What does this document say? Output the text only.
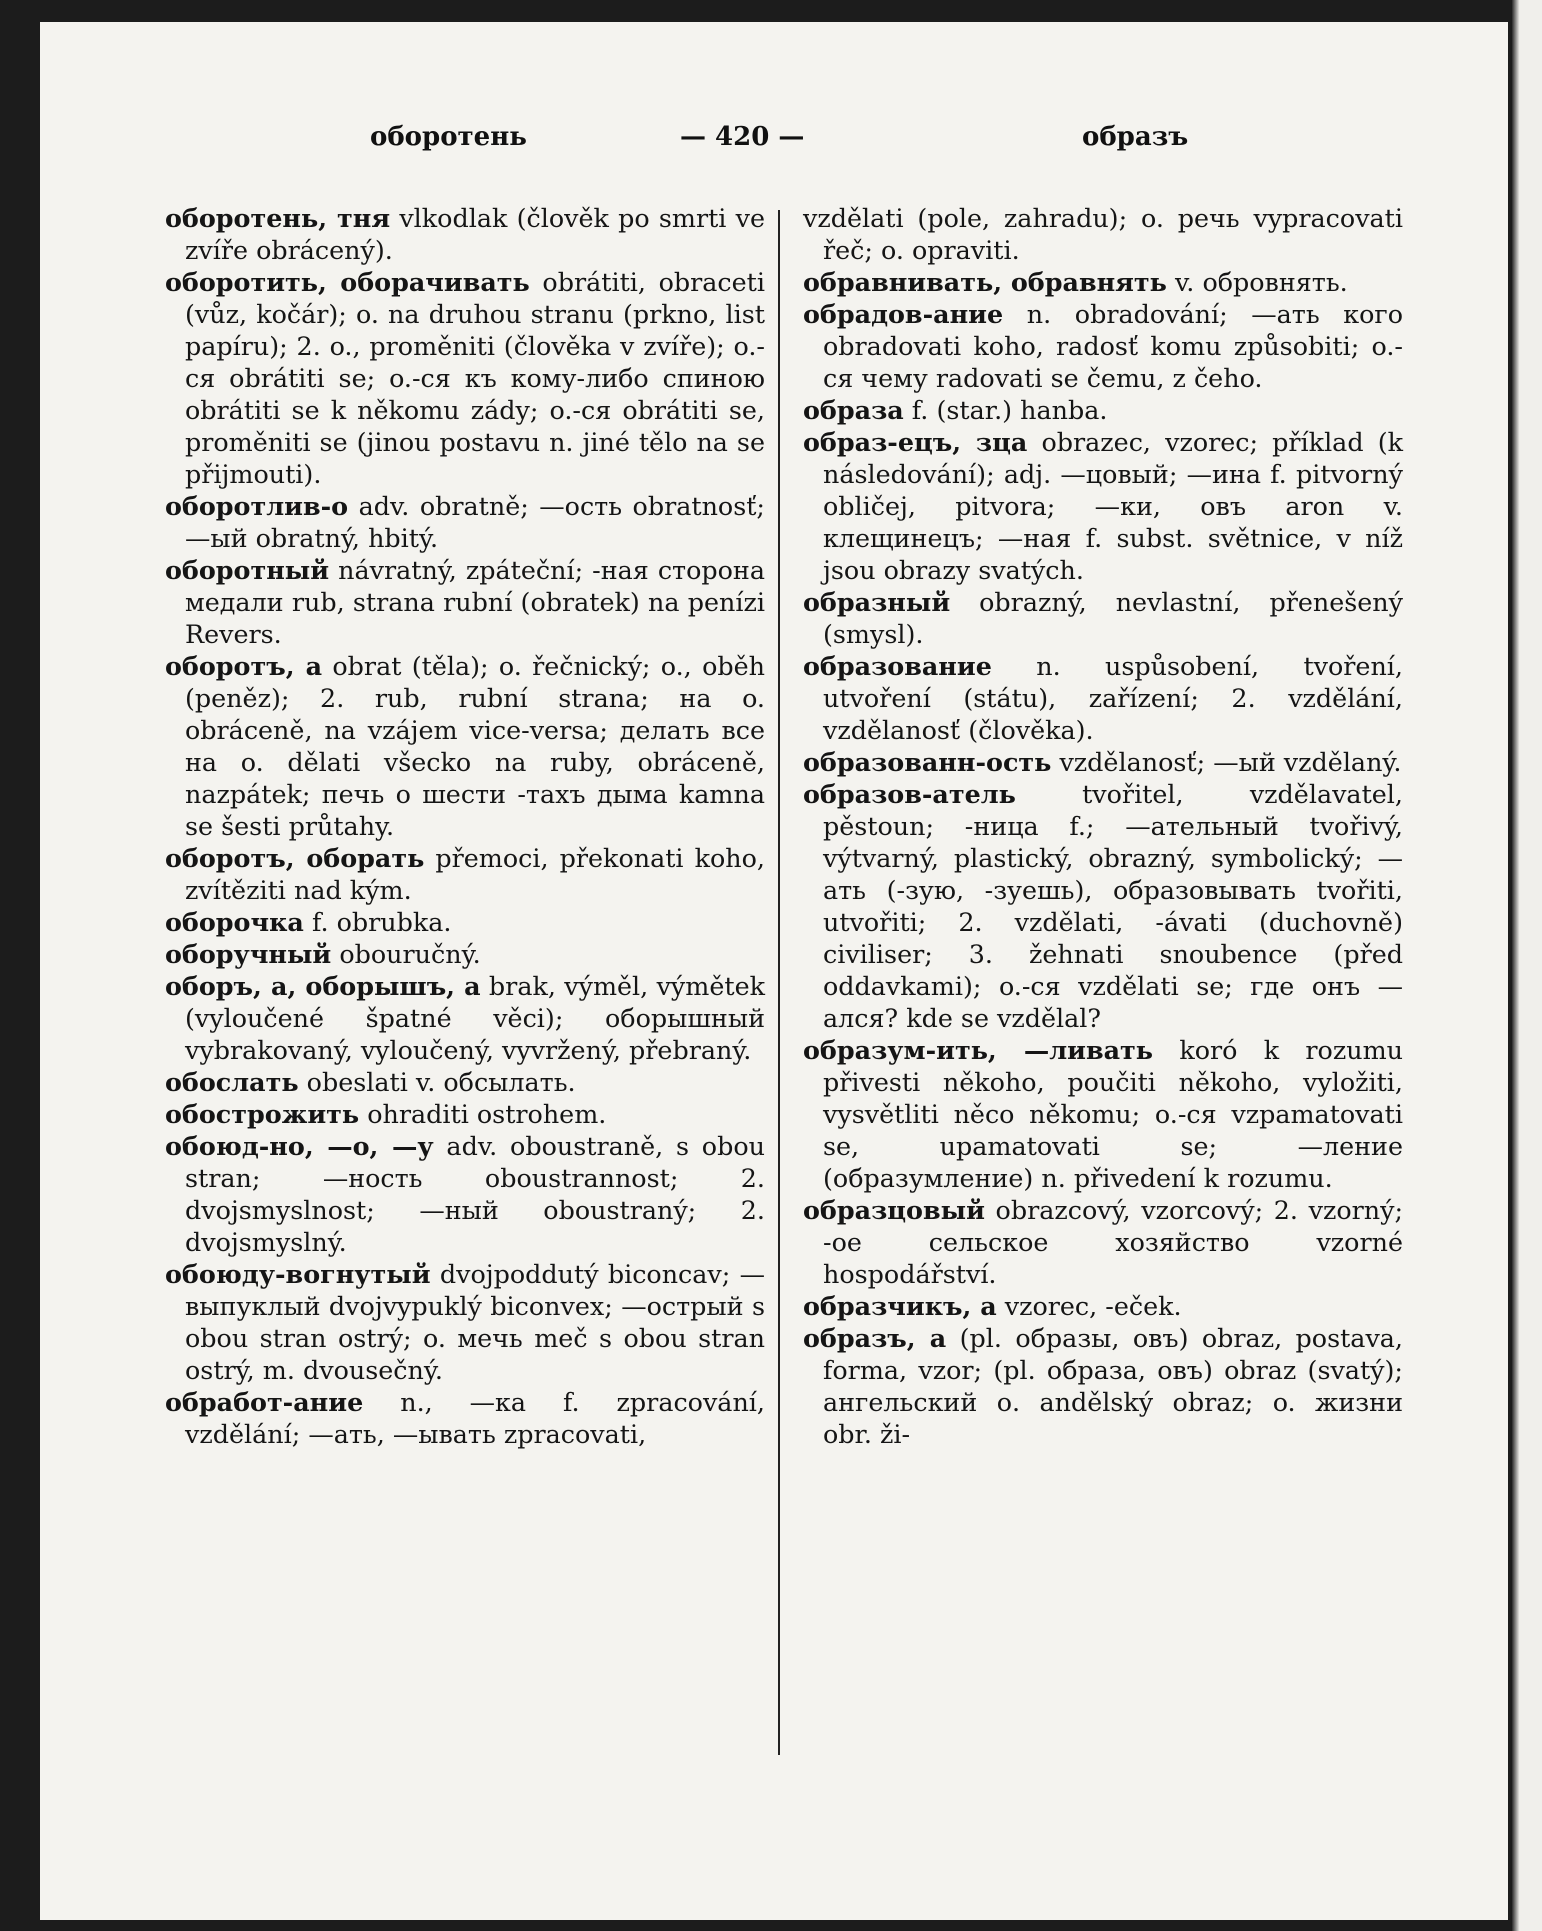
обоpотень	— 420 —	обpазъ

оборотень, тня vlkodlak (člověk po smrti ve zvíře obrácený).

оборотить, оборачивать obrátiti, obraceti (vůz, kočár); o. na druhou stranu (prkno, list papíru); 2. o., proměniti (člověka v zvíře); o.-ся obrátiti se; o.-ся къ кому-либо спиною obrátiti se k někomu zády; o.-ся obrátiti se, proměniti se (jinou postavu n. jiné tělo na se přijmouti).

оборотлив-о adv. obratně; —ость obratnosť; —ый obratný, hbitý.

оборотный návratný, zpáteční; -ная сторона медали rub, strana rubní (obratek) na penízi Revers.

оборотъ, а obrat (těla); o. řečnický; o., oběh (peněz); 2. rub, rubní strana; на o. obráceně, na vzájem vice-versa; делать все на o. dělati všecko na ruby, obráceně, nazpátek; печь о шести -тахъ дыма kamna se šesti průtahy.

оборотъ, оборать přemoci, překonati koho, zvítěziti nad kým.

оборочка f. obrubka.

оборучный obouručný.

оборъ, а, оборышъ, а brak, výměl, výmětek (vyloučené špatné věci); оборышный vybrakovaný, vyloučený, vyvržený, přebraný.

обослать obeslati v. обсылать.

обострожить ohraditi ostrohem.

обоюд-но, —о, —у adv. oboustraně, s obou stran; —ность oboustrannost; 2. dvojsmyslnost; —ный oboustraný; 2. dvojsmyslný.

обоюду-вогнутый dvojpoddutý biconcav; —выпуклый dvojvypuklý biconvex; —острый s obou stran ostrý; o. мечь meč s obou stran ostrý, m. dvousečný.

обработ-ание n., —ка f. zpracování, vzdělání; —ать, —ывать zpracovati,

vzdělati (pole, zahradu); o. речь vypracovati řeč; o. opraviti.

обравнивать, обравнять v. обровнять.

обрадов-ание n. obradování; —ать кого obradovati koho, radosť komu způsobiti; o.-ся чему radovati se čemu, z čeho.

образа f. (star.) hanba.

образ-ецъ, зца obrazec, vzorec; příklad (k následování); adj. —цовый; —ина f. pitvorný obličej, pitvora; —ки, овъ aron v. клещинецъ; —ная f. subst. světnice, v níž jsou obrazy svatých.

образный obrazný, nevlastní, přenešený (smysl).

образование n. uspůsobení, tvoření, utvoření (státu), zařízení; 2. vzdělání, vzdělanosť (člověka).

образованн-ость vzdělanosť; —ый vzdělaný.

образов-атель tvořitel, vzdělavatel, pěstoun; -ница f.; —ательный tvořivý, výtvarný, plastický, obrazný, symbolický; —ать (-зую, -зуешь), образовывать tvořiti, utvořiti; 2. vzdělati, -ávati (duchovně) civiliser; 3. žehnati snoubence (před oddavkami); o.-ся vzdělati se; где онъ —ался? kde se vzdělal?

образум-ить, —ливать koró k rozumu přivesti někoho, poučiti někoho, vyložiti, vysvětliti něco někomu; o.-ся vzpamatovati se, upamatovati se; —ление (образумление) n. přivedení k rozumu.

образцовый obrazcový, vzorcový; 2. vzorný; -ое сельское хозяйство vzorné hospodářství.

образчикъ, а vzorec, -eček.

образъ, а (pl. образы, овъ) obraz, postava, forma, vzor; (pl. образа, овъ) obraz (svatý); ангельский о. andělský obraz; o. жизни obr. ži-
